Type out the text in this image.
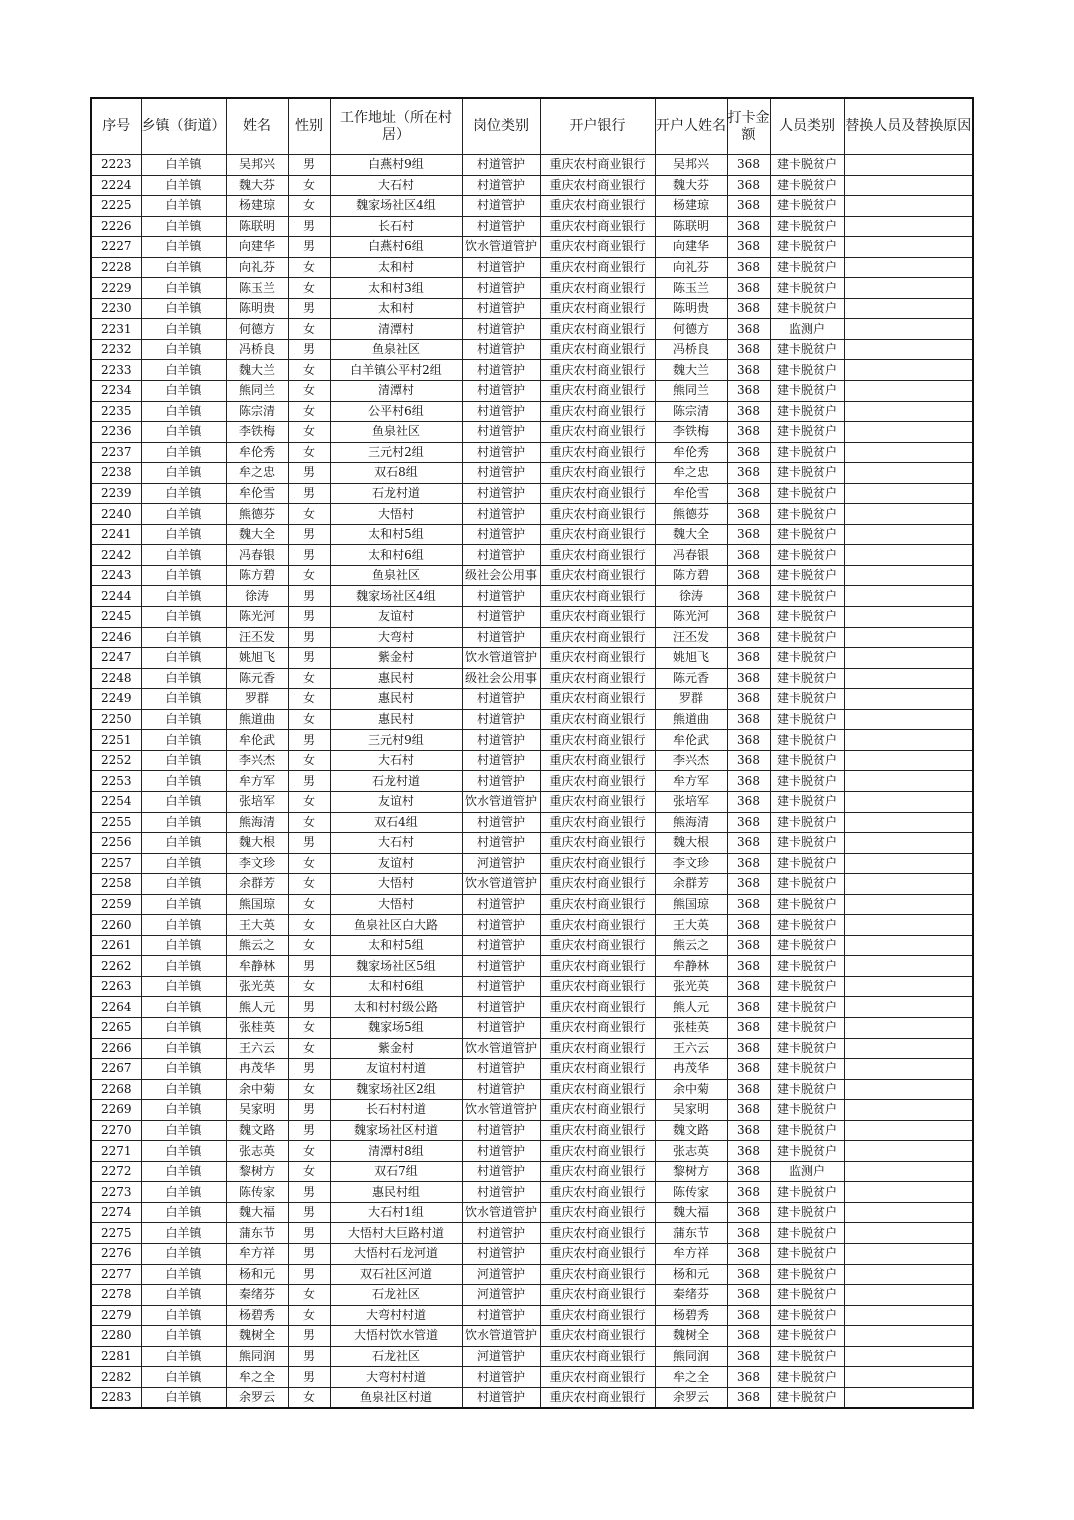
序号	乡镇（街道）	姓名	性别	工作地址（所在村居）	岗位类别	开户银行	开户人姓名	打卡金额	人员类别	替换人员及替换原因
2223	白羊镇	吴邦兴	男	白燕村9组	村道管护	重庆农村商业银行	吴邦兴	368	建卡脱贫户	
2224	白羊镇	魏大芬	女	大石村	村道管护	重庆农村商业银行	魏大芬	368	建卡脱贫户	
2225	白羊镇	杨建琼	女	魏家场社区4组	村道管护	重庆农村商业银行	杨建琼	368	建卡脱贫户	
2226	白羊镇	陈联明	男	长石村	村道管护	重庆农村商业银行	陈联明	368	建卡脱贫户	
2227	白羊镇	向建华	男	白燕村6组	饮水管道管护	重庆农村商业银行	向建华	368	建卡脱贫户	
2228	白羊镇	向礼芬	女	太和村	村道管护	重庆农村商业银行	向礼芬	368	建卡脱贫户	
2229	白羊镇	陈玉兰	女	太和村3组	村道管护	重庆农村商业银行	陈玉兰	368	建卡脱贫户	
2230	白羊镇	陈明贵	男	太和村	村道管护	重庆农村商业银行	陈明贵	368	建卡脱贫户	
2231	白羊镇	何德方	女	清潭村	村道管护	重庆农村商业银行	何德方	368	监测户	
2232	白羊镇	冯桥良	男	鱼泉社区	村道管护	重庆农村商业银行	冯桥良	368	建卡脱贫户	
2233	白羊镇	魏大兰	女	白羊镇公平村2组	村道管护	重庆农村商业银行	魏大兰	368	建卡脱贫户	
2234	白羊镇	熊同兰	女	清潭村	村道管护	重庆农村商业银行	熊同兰	368	建卡脱贫户	
2235	白羊镇	陈宗清	女	公平村6组	村道管护	重庆农村商业银行	陈宗清	368	建卡脱贫户	
2236	白羊镇	李铁梅	女	鱼泉社区	村道管护	重庆农村商业银行	李铁梅	368	建卡脱贫户	
2237	白羊镇	牟伦秀	女	三元村2组	村道管护	重庆农村商业银行	牟伦秀	368	建卡脱贫户	
2238	白羊镇	牟之忠	男	双石8组	村道管护	重庆农村商业银行	牟之忠	368	建卡脱贫户	
2239	白羊镇	牟伦雪	男	石龙村道	村道管护	重庆农村商业银行	牟伦雪	368	建卡脱贫户	
2240	白羊镇	熊德芬	女	大悟村	村道管护	重庆农村商业银行	熊德芬	368	建卡脱贫户	
2241	白羊镇	魏大全	男	太和村5组	村道管护	重庆农村商业银行	魏大全	368	建卡脱贫户	
2242	白羊镇	冯春银	男	太和村6组	村道管护	重庆农村商业银行	冯春银	368	建卡脱贫户	
2243	白羊镇	陈方碧	女	鱼泉社区	级社会公用事	重庆农村商业银行	陈方碧	368	建卡脱贫户	
2244	白羊镇	徐涛	男	魏家场社区4组	村道管护	重庆农村商业银行	徐涛	368	建卡脱贫户	
2245	白羊镇	陈光河	男	友谊村	村道管护	重庆农村商业银行	陈光河	368	建卡脱贫户	
2246	白羊镇	汪丕发	男	大弯村	村道管护	重庆农村商业银行	汪丕发	368	建卡脱贫户	
2247	白羊镇	姚旭飞	男	紫金村	饮水管道管护	重庆农村商业银行	姚旭飞	368	建卡脱贫户	
2248	白羊镇	陈元香	女	惠民村	级社会公用事	重庆农村商业银行	陈元香	368	建卡脱贫户	
2249	白羊镇	罗群	女	惠民村	村道管护	重庆农村商业银行	罗群	368	建卡脱贫户	
2250	白羊镇	熊道曲	女	惠民村	村道管护	重庆农村商业银行	熊道曲	368	建卡脱贫户	
2251	白羊镇	牟伦武	男	三元村9组	村道管护	重庆农村商业银行	牟伦武	368	建卡脱贫户	
2252	白羊镇	李兴杰	女	大石村	村道管护	重庆农村商业银行	李兴杰	368	建卡脱贫户	
2253	白羊镇	牟方军	男	石龙村道	村道管护	重庆农村商业银行	牟方军	368	建卡脱贫户	
2254	白羊镇	张培军	女	友谊村	饮水管道管护	重庆农村商业银行	张培军	368	建卡脱贫户	
2255	白羊镇	熊海清	女	双石4组	村道管护	重庆农村商业银行	熊海清	368	建卡脱贫户	
2256	白羊镇	魏大根	男	大石村	村道管护	重庆农村商业银行	魏大根	368	建卡脱贫户	
2257	白羊镇	李文珍	女	友谊村	河道管护	重庆农村商业银行	李文珍	368	建卡脱贫户	
2258	白羊镇	余群芳	女	大悟村	饮水管道管护	重庆农村商业银行	余群芳	368	建卡脱贫户	
2259	白羊镇	熊国琼	女	大悟村	村道管护	重庆农村商业银行	熊国琼	368	建卡脱贫户	
2260	白羊镇	王大英	女	鱼泉社区白大路	村道管护	重庆农村商业银行	王大英	368	建卡脱贫户	
2261	白羊镇	熊云之	女	太和村5组	村道管护	重庆农村商业银行	熊云之	368	建卡脱贫户	
2262	白羊镇	牟静林	男	魏家场社区5组	村道管护	重庆农村商业银行	牟静林	368	建卡脱贫户	
2263	白羊镇	张光英	女	太和村6组	村道管护	重庆农村商业银行	张光英	368	建卡脱贫户	
2264	白羊镇	熊人元	男	太和村村级公路	村道管护	重庆农村商业银行	熊人元	368	建卡脱贫户	
2265	白羊镇	张桂英	女	魏家场5组	村道管护	重庆农村商业银行	张桂英	368	建卡脱贫户	
2266	白羊镇	王六云	女	紫金村	饮水管道管护	重庆农村商业银行	王六云	368	建卡脱贫户	
2267	白羊镇	冉茂华	男	友谊村村道	村道管护	重庆农村商业银行	冉茂华	368	建卡脱贫户	
2268	白羊镇	余中菊	女	魏家场社区2组	村道管护	重庆农村商业银行	余中菊	368	建卡脱贫户	
2269	白羊镇	吴家明	男	长石村村道	饮水管道管护	重庆农村商业银行	吴家明	368	建卡脱贫户	
2270	白羊镇	魏文路	男	魏家场社区村道	村道管护	重庆农村商业银行	魏文路	368	建卡脱贫户	
2271	白羊镇	张志英	女	清潭村8组	村道管护	重庆农村商业银行	张志英	368	建卡脱贫户	
2272	白羊镇	黎树方	女	双石7组	村道管护	重庆农村商业银行	黎树方	368	监测户	
2273	白羊镇	陈传家	男	惠民村组	村道管护	重庆农村商业银行	陈传家	368	建卡脱贫户	
2274	白羊镇	魏大福	男	大石村1组	饮水管道管护	重庆农村商业银行	魏大福	368	建卡脱贫户	
2275	白羊镇	蒲东节	男	大悟村大巨路村道	村道管护	重庆农村商业银行	蒲东节	368	建卡脱贫户	
2276	白羊镇	牟方祥	男	大悟村石龙河道	村道管护	重庆农村商业银行	牟方祥	368	建卡脱贫户	
2277	白羊镇	杨和元	男	双石社区河道	河道管护	重庆农村商业银行	杨和元	368	建卡脱贫户	
2278	白羊镇	秦绪芬	女	石龙社区	河道管护	重庆农村商业银行	秦绪芬	368	建卡脱贫户	
2279	白羊镇	杨碧秀	女	大弯村村道	村道管护	重庆农村商业银行	杨碧秀	368	建卡脱贫户	
2280	白羊镇	魏树全	男	大悟村饮水管道	饮水管道管护	重庆农村商业银行	魏树全	368	建卡脱贫户	
2281	白羊镇	熊同润	男	石龙社区	河道管护	重庆农村商业银行	熊同润	368	建卡脱贫户	
2282	白羊镇	牟之全	男	大弯村村道	村道管护	重庆农村商业银行	牟之全	368	建卡脱贫户	
2283	白羊镇	余罗云	女	鱼泉社区村道	村道管护	重庆农村商业银行	余罗云	368	建卡脱贫户	
